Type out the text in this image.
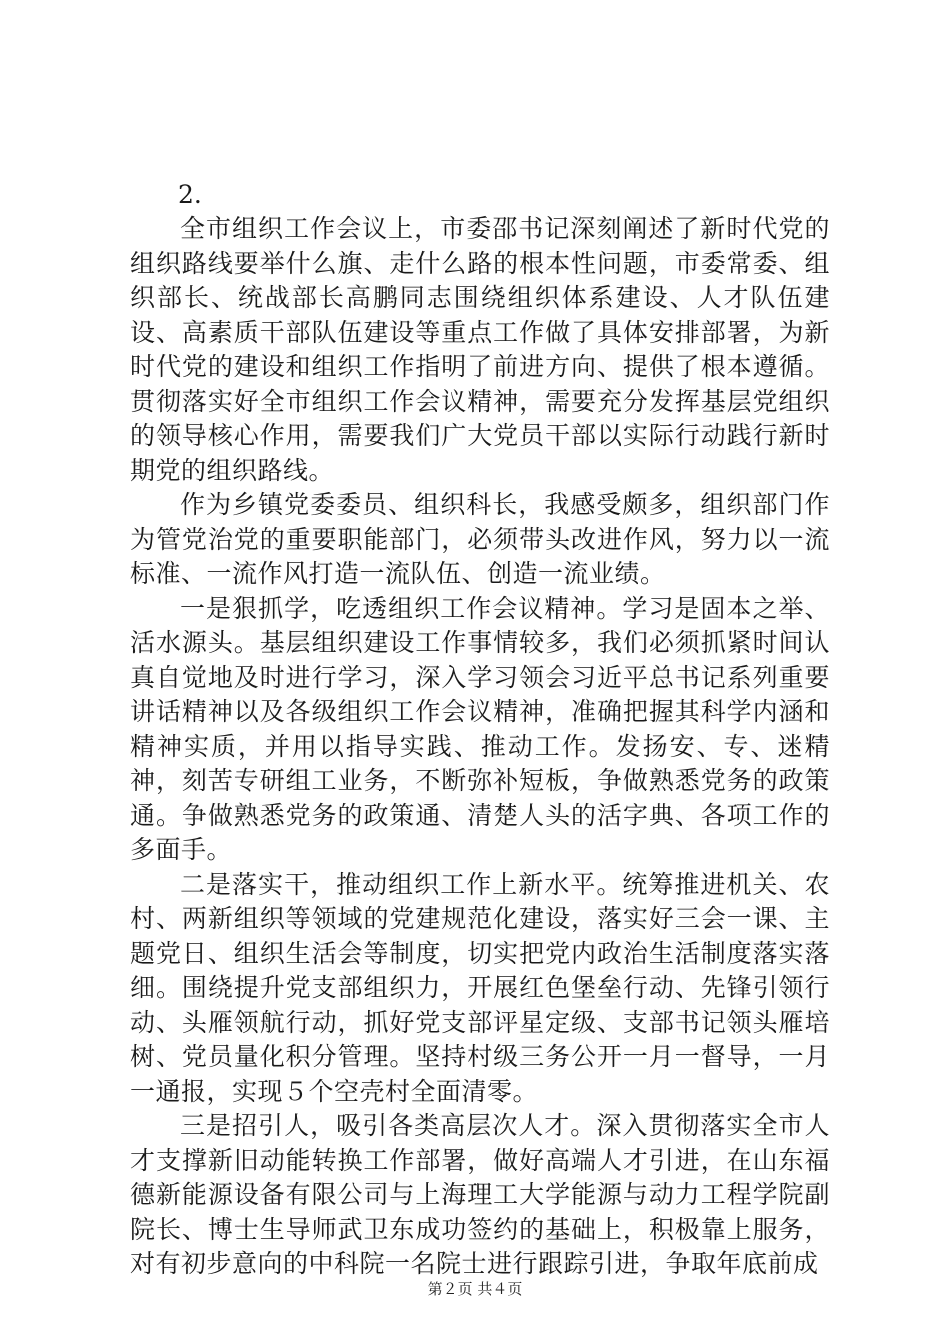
2.

全市组织工作会议上，市委邵书记深刻阐述了新时代党的组织路线要举什么旗、走什么路的根本性问题，市委常委、组织部长、统战部长高鹏同志围绕组织体系建设、人才队伍建设、高素质干部队伍建设等重点工作做了具体安排部署，为新时代党的建设和组织工作指明了前进方向、提供了根本遵循。贯彻落实好全市组织工作会议精神，需要充分发挥基层党组织的领导核心作用，需要我们广大党员干部以实际行动践行新时期党的组织路线。

作为乡镇党委委员、组织科长，我感受颇多，组织部门作为管党治党的重要职能部门，必须带头改进作风，努力以一流标准、一流作风打造一流队伍、创造一流业绩。

一是狠抓学，吃透组织工作会议精神。学习是固本之举、活水源头。基层组织建设工作事情较多，我们必须抓紧时间认真自觉地及时进行学习，深入学习领会习近平总书记系列重要讲话精神以及各级组织工作会议精神，准确把握其科学内涵和精神实质，并用以指导实践、推动工作。发扬安、专、迷精神，刻苦专研组工业务，不断弥补短板，争做熟悉党务的政策通。争做熟悉党务的政策通、清楚人头的活字典、各项工作的多面手。

二是落实干，推动组织工作上新水平。统筹推进机关、农村、两新组织等领域的党建规范化建设，落实好三会一课、主题党日、组织生活会等制度，切实把党内政治生活制度落实落细。围绕提升党支部组织力，开展红色堡垒行动、先锋引领行动、头雁领航行动，抓好党支部评星定级、支部书记领头雁培树、党员量化积分管理。坚持村级三务公开一月一督导，一月一通报，实现５个空壳村全面清零。

三是招引人，吸引各类高层次人才。深入贯彻落实全市人才支撑新旧动能转换工作部署，做好高端人才引进，在山东福德新能源设备有限公司与上海理工大学能源与动力工程学院副院长、博士生导师武卫东成功签约的基础上，积极靠上服务，对有初步意向的中科院一名院士进行跟踪引进，争取年底前成

第２页 共４页
